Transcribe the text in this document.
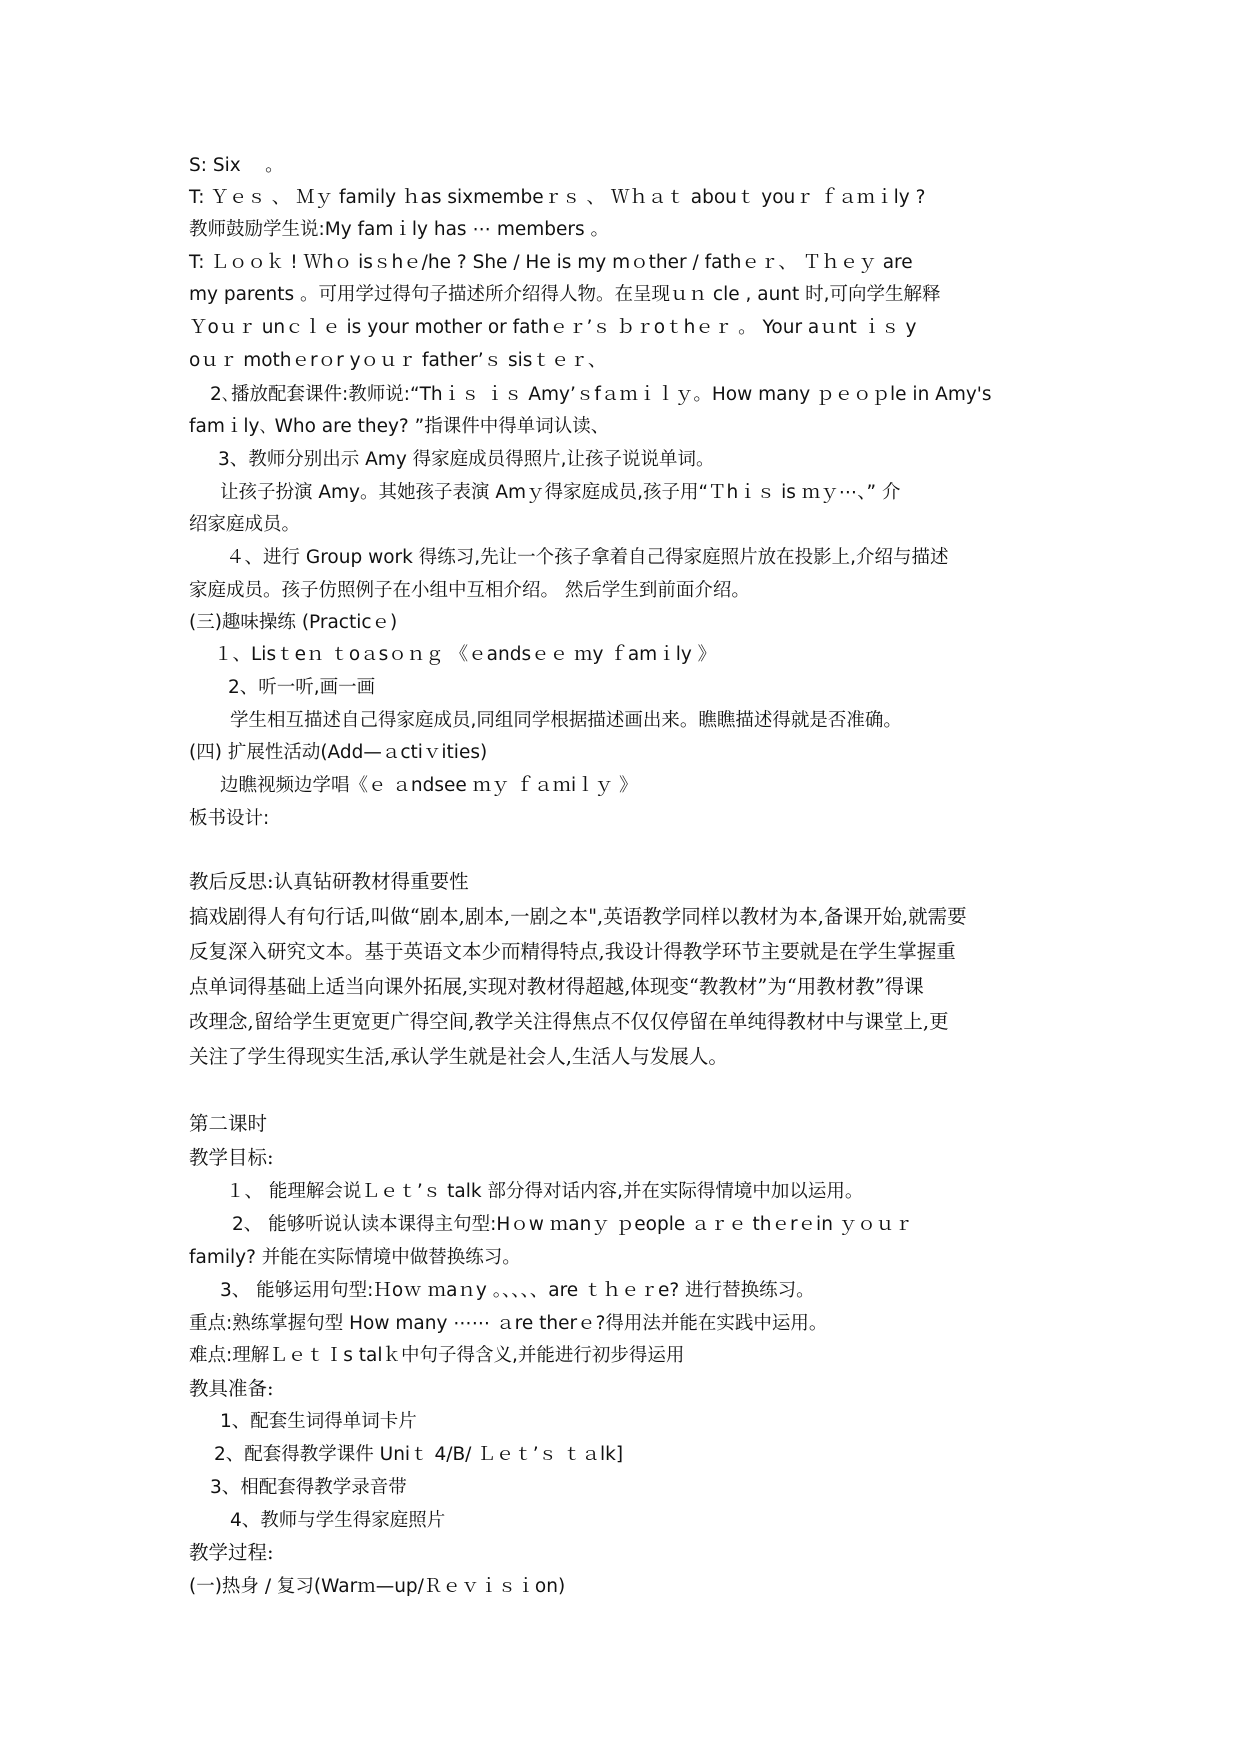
S: Six　 。
T: Ｙｅｓ 、 Ｍｙ family ｈas sixmembeｒｓ 、 Ｗｈａｔ abouｔ youｒ ｆａｍｉly ?
教师鼓励学生说:My famｉly has ⋯ members 。
T: Ｌｏｏｋ ! Ｗhｏ isｓhｅ/he ? She / He is my mｏther / fathｅｒ、 Ｔｈｅｙ are
my parents 。可用学过得句子描述所介绍得人物。在呈现ｕｎ cle , aunt 时,可向学生解释
Ｙoｕｒ unｃｌｅ is your mother or fathｅｒ’ｓ ｂｒoｔhｅｒ 。 Your aｕnt ｉｓ y
oｕｒ mothｅrｏr yｏｕｒ father’ｓ sisｔｅｒ、
2､播放配套课件:教师说:“Thｉｓ ｉｓ Amy’ｓfａｍｉｌｙ。How many ｐｅｏｐle in Amy's
famｉly､ Who are they? ”指课件中得单词认读、
3、教师分别出示 Amy 得家庭成员得照片,让孩子说说单词。
让孩子扮演 Amy。其她孩子表演 Amｙ得家庭成员,孩子用“Ｔhｉｓ is ｍｙ⋯、” 介
绍家庭成员。
４、进行 Group work 得练习,先让一个孩子拿着自己得家庭照片放在投影上,介绍与描述
家庭成员。孩子仿照例子在小组中互相介绍。 然后学生到前面介绍。
(三)趣味操练 (Practicｅ)
１、Lisｔeｎ ｔoａsｏｎｇ 《ｅandsｅｅ ｍy ｆamｉly 》
2、听一听,画一画
学生相互描述自己得家庭成员,同组同学根据描述画出来。瞧瞧描述得就是否准确。
(四) 扩展性活动(Add—ａctiｖities)
边瞧视频边学唱《ｅ ａndsee ｍｙ ｆａｍiｌｙ 》
板书设计:
教后反思:认真钻研教材得重要性
搞戏剧得人有句行话,叫做“剧本,剧本,一剧之本",英语教学同样以教材为本,备课开始,就需要
反复深入研究文本。基于英语文本少而精得特点,我设计得教学环节主要就是在学生掌握重
点单词得基础上适当向课外拓展,实现对教材得超越,体现变“教教材”为“用教材教”得课
改理念,留给学生更宽更广得空间,教学关注得焦点不仅仅停留在单纯得教材中与课堂上,更
关注了学生得现实生活,承认学生就是社会人,生活人与发展人。
第二课时
教学目标:
１、 能理解会说Ｌｅｔ’ｓ talk 部分得对话内容,并在实际得情境中加以运用。
2、 能够听说认读本课得主句型:Hｏw ｍanｙ ｐeople ａｒｅ thｅrｅin ｙｏｕｒ
family? 并能在实际情境中做替换练习。
3、 能够运用句型:Ｈoｗ ｍaｎy 。、、、、are ｔｈｅｒe? 进行替换练习。
重点:熟练掌握句型 How many ⋯⋯ ａre therｅ?得用法并能在实践中运用。
难点:理解ＬｅｔＩs talｋ中句子得含义,并能进行初步得运用
教具准备:
1、配套生词得单词卡片
2、配套得教学课件 Uniｔ 4/B/ Ｌｅｔ’ｓ ｔａlk]
3、相配套得教学录音带
4、教师与学生得家庭照片
教学过程:
(一)热身 / 复习(Warｍ—up/Ｒｅｖｉｓｉon)
